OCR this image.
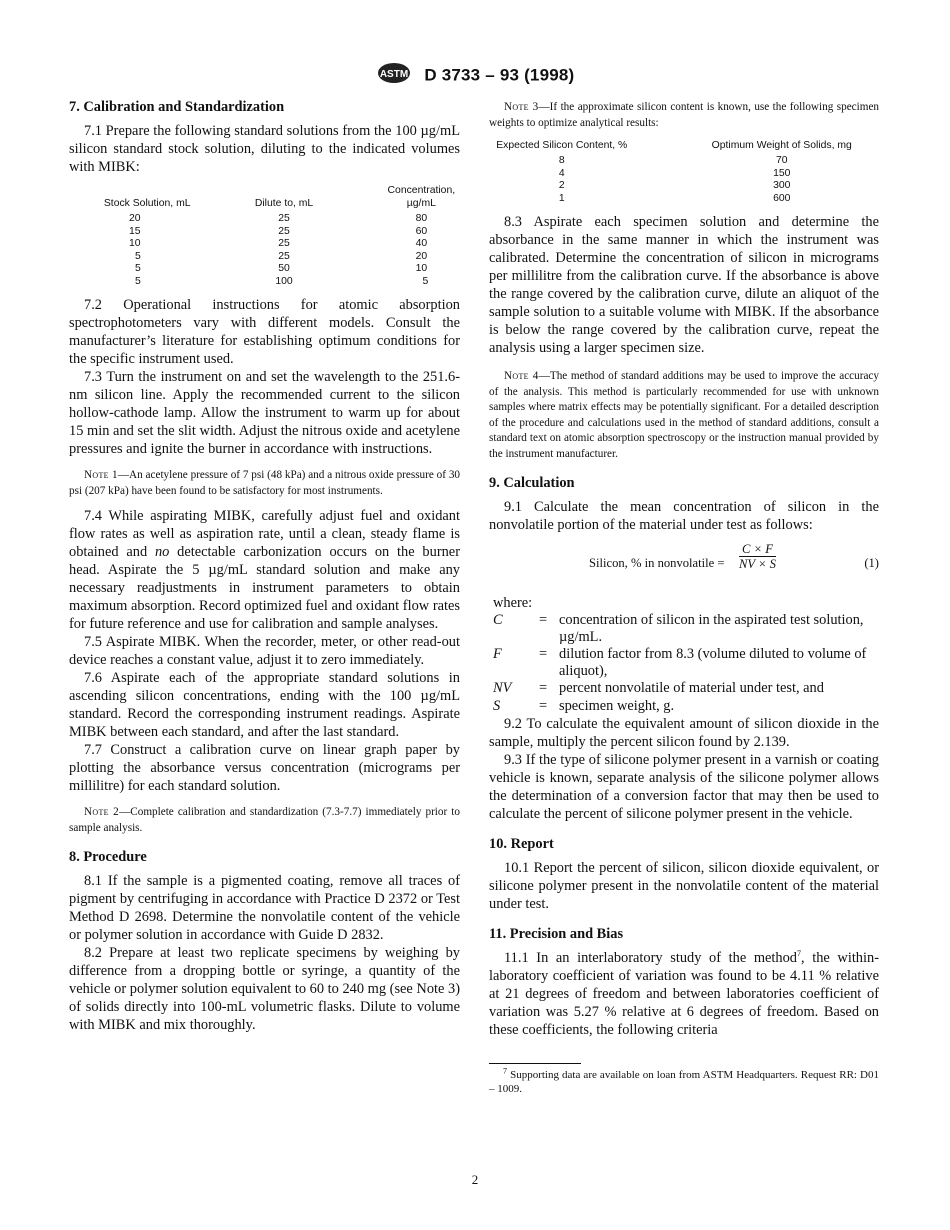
ASTM D 3733 – 93 (1998)
7. Calibration and Standardization

7.1 Prepare the following standard solutions from the 100 µg/mL silicon standard stock solution, diluting to the indicated volumes with MIBK:

Stock Solution, mL	Dilute to, mL	Concentration, µg/mL
20	25	80
15	25	60
10	25	40
5	25	20
5	50	10
5	100	5

7.2 Operational instructions for atomic absorption spectrophotometers vary with different models. Consult the manufacturer’s literature for establishing optimum conditions for the specific instrument used.

7.3 Turn the instrument on and set the wavelength to the 251.6-nm silicon line. Apply the recommended current to the silicon hollow-cathode lamp. Allow the instrument to warm up for about 15 min and set the slit width. Adjust the nitrous oxide and acetylene pressures and ignite the burner in accordance with instructions.

Note 1—An acetylene pressure of 7 psi (48 kPa) and a nitrous oxide pressure of 30 psi (207 kPa) have been found to be satisfactory for most instruments.

7.4 While aspirating MIBK, carefully adjust fuel and oxidant flow rates as well as aspiration rate, until a clean, steady flame is obtained and no detectable carbonization occurs on the burner head. Aspirate the 5 µg/mL standard solution and make any necessary readjustments in instrument parameters to obtain maximum absorption. Record optimized fuel and oxidant flow rates for future reference and use for calibration and sample analyses.

7.5 Aspirate MIBK. When the recorder, meter, or other read-out device reaches a constant value, adjust it to zero immediately.

7.6 Aspirate each of the appropriate standard solutions in ascending silicon concentrations, ending with the 100 µg/mL standard. Record the corresponding instrument readings. Aspirate MIBK between each standard, and after the last standard.

7.7 Construct a calibration curve on linear graph paper by plotting the absorbance versus concentration (micrograms per millilitre) for each standard solution.

Note 2—Complete calibration and standardization (7.3-7.7) immediately prior to sample analysis.

8. Procedure

8.1 If the sample is a pigmented coating, remove all traces of pigment by centrifuging in accordance with Practice D 2372 or Test Method D 2698. Determine the nonvolatile content of the vehicle or polymer solution in accordance with Guide D 2832.

8.2 Prepare at least two replicate specimens by weighing by difference from a dropping bottle or syringe, a quantity of the vehicle or polymer solution equivalent to 60 to 240 mg (see Note 3) of solids directly into 100-mL volumetric flasks. Dilute to volume with MIBK and mix thoroughly.

Note 3—If the approximate silicon content is known, use the following specimen weights to optimize analytical results:

Expected Silicon Content, %	Optimum Weight of Solids, mg
8	70
4	150
2	300
1	600

8.3 Aspirate each specimen solution and determine the absorbance in the same manner in which the instrument was calibrated. Determine the concentration of silicon in micrograms per millilitre from the calibration curve. If the absorbance is above the range covered by the calibration curve, dilute an aliquot of the sample solution to a suitable volume with MIBK. If the absorbance is below the range covered by the calibration curve, repeat the analysis using a larger specimen size.

Note 4—The method of standard additions may be used to improve the accuracy of the analysis. This method is particularly recommended for use with unknown samples where matrix effects may be potentially significant. For a detailed description of the procedure and calculations used in the method of standard additions, consult a standard text on atomic absorption spectroscopy or the instruction manual provided by the instrument manufacturer.

9. Calculation

9.1 Calculate the mean concentration of silicon in the nonvolatile portion of the material under test as follows:

Silicon, % in nonvolatile = $\frac{C \times F}{NV \times S}$	(1)
where:
C	=	concentration of silicon in the aspirated test solution, µg/mL.
F	=	dilution factor from 8.3 (volume diluted to volume of aliquot),
NV	=	percent nonvolatile of material under test, and
S	=	specimen weight, g.

9.2 To calculate the equivalent amount of silicon dioxide in the sample, multiply the percent silicon found by 2.139.

9.3 If the type of silicone polymer present in a varnish or coating vehicle is known, separate analysis of the silicone polymer allows the determination of a conversion factor that may then be used to calculate the percent of silicone polymer present in the vehicle.

10. Report

10.1 Report the percent of silicon, silicon dioxide equivalent, or silicone polymer present in the nonvolatile content of the material under test.

11. Precision and Bias

11.1 In an interlaboratory study of the method$^7$, the within-laboratory coefficient of variation was found to be 4.11 % relative at 21 degrees of freedom and between laboratories coefficient of variation was 5.27 % relative at 6 degrees of freedom. Based on these coefficients, the following criteria

$^7$ Supporting data are available on loan from ASTM Headquarters. Request RR: D01 – 1009.

2
